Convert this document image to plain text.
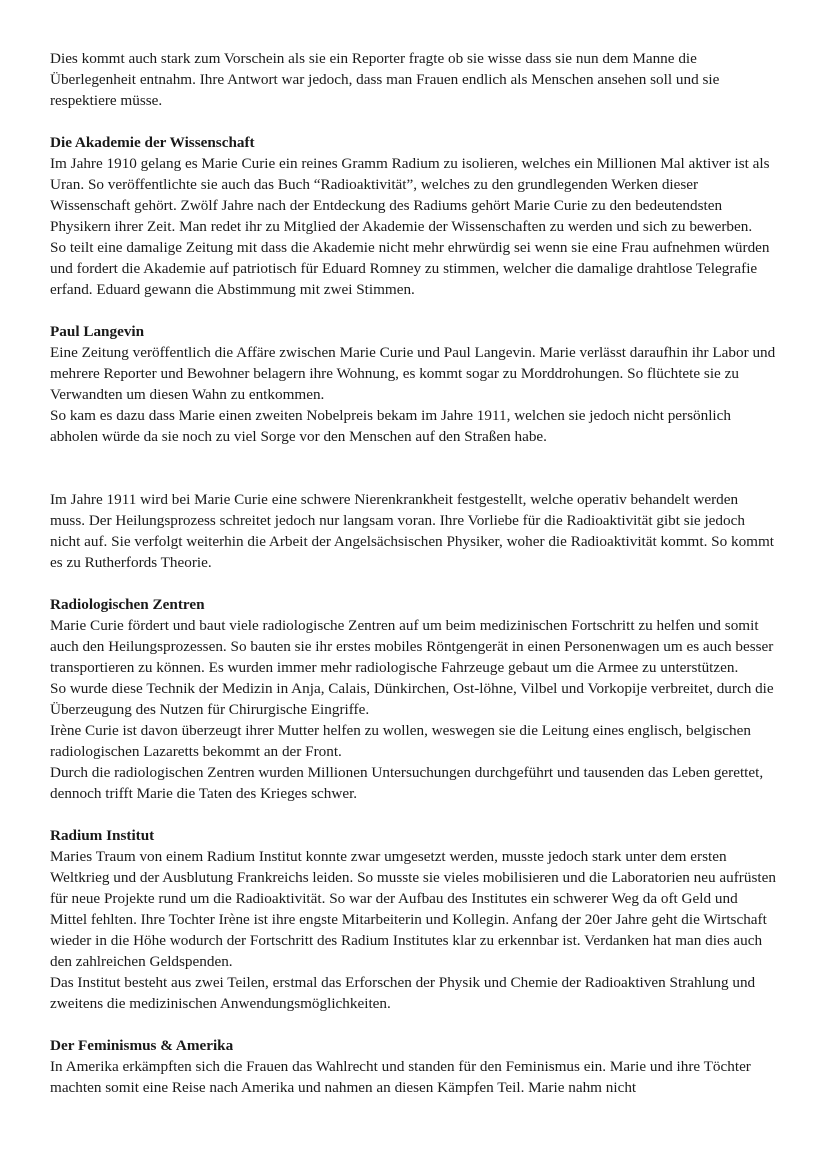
Dies kommt auch stark zum Vorschein als sie ein Reporter fragte ob sie wisse dass sie nun dem Manne die Überlegenheit entnahm. Ihre Antwort war jedoch, dass man Frauen endlich als Menschen ansehen soll und sie respektiere müsse.

Die Akademie der Wissenschaft

Im Jahre 1910 gelang es Marie Curie ein reines Gramm Radium zu isolieren, welches ein Millionen Mal aktiver ist als Uran. So veröffentlichte sie auch das Buch “Radioaktivität”, welches zu den grundlegenden Werken dieser Wissenschaft gehört. Zwölf Jahre nach der Entdeckung des Radiums gehört Marie Curie zu den bedeutendsten Physikern ihrer Zeit. Man redet ihr zu Mitglied der Akademie der Wissenschaften zu werden und sich zu bewerben.

So teilt eine damalige Zeitung mit dass die Akademie nicht mehr ehrwürdig sei wenn sie eine Frau aufnehmen würden und fordert die Akademie auf patriotisch für Eduard Romney zu stimmen, welcher die damalige drahtlose Telegrafie erfand. Eduard gewann die Abstimmung mit zwei Stimmen.

Paul Langevin

Eine Zeitung veröffentlich die Affäre zwischen Marie Curie und Paul Langevin. Marie verlässt daraufhin ihr Labor und mehrere Reporter und Bewohner belagern ihre Wohnung, es kommt sogar zu Morddrohungen. So flüchtete sie zu Verwandten um diesen Wahn zu entkommen.

So kam es dazu dass Marie einen zweiten Nobelpreis bekam im Jahre 1911, welchen sie jedoch nicht persönlich abholen würde da sie noch zu viel Sorge vor den Menschen auf den Straßen habe.

Im Jahre 1911 wird bei Marie Curie eine schwere Nierenkrankheit festgestellt, welche operativ behandelt werden muss. Der Heilungsprozess schreitet jedoch nur langsam voran. Ihre Vorliebe für die Radioaktivität gibt sie jedoch nicht auf. Sie verfolgt weiterhin die Arbeit der Angelsächsischen Physiker, woher die Radioaktivität kommt. So kommt es zu Rutherfords Theorie.

Radiologischen Zentren

Marie Curie fördert und baut viele radiologische Zentren auf um beim medizinischen Fortschritt zu helfen und somit auch den Heilungsprozessen. So bauten sie ihr erstes mobiles Röntgengerät in einen Personenwagen um es auch besser transportieren zu können. Es wurden immer mehr radiologische Fahrzeuge gebaut um die Armee zu unterstützen.

So wurde diese Technik der Medizin in Anja, Calais, Dünkirchen, Ost-löhne, Vilbel und Vorkopije verbreitet, durch die Überzeugung des Nutzen für Chirurgische Eingriffe.

Irène Curie ist davon überzeugt ihrer Mutter helfen zu wollen, weswegen sie die Leitung eines englisch, belgischen radiologischen Lazaretts bekommt an der Front.

Durch die radiologischen Zentren wurden Millionen Untersuchungen durchgeführt und tausenden das Leben gerettet, dennoch trifft Marie die Taten des Krieges schwer.

Radium Institut

Maries Traum von einem Radium Institut konnte zwar umgesetzt werden, musste jedoch stark unter dem ersten Weltkrieg und der Ausblutung Frankreichs leiden. So musste sie vieles mobilisieren und die Laboratorien neu aufrüsten für neue Projekte rund um die Radioaktivität. So war der Aufbau des Institutes ein schwerer Weg da oft Geld und Mittel fehlten. Ihre Tochter Irène ist ihre engste Mitarbeiterin und Kollegin. Anfang der 20er Jahre geht die Wirtschaft wieder in die Höhe wodurch der Fortschritt des Radium Institutes klar zu erkennbar ist. Verdanken hat man dies auch den zahlreichen Geldspenden.

Das Institut besteht aus zwei Teilen, erstmal das Erforschen der Physik und Chemie der Radioaktiven Strahlung und zweitens die medizinischen Anwendungsmöglichkeiten.

Der Feminismus & Amerika

In Amerika erkämpften sich die Frauen das Wahlrecht und standen für den Feminismus ein. Marie und ihre Töchter machten somit eine Reise nach Amerika und nahmen an diesen Kämpfen Teil. Marie nahm nicht
